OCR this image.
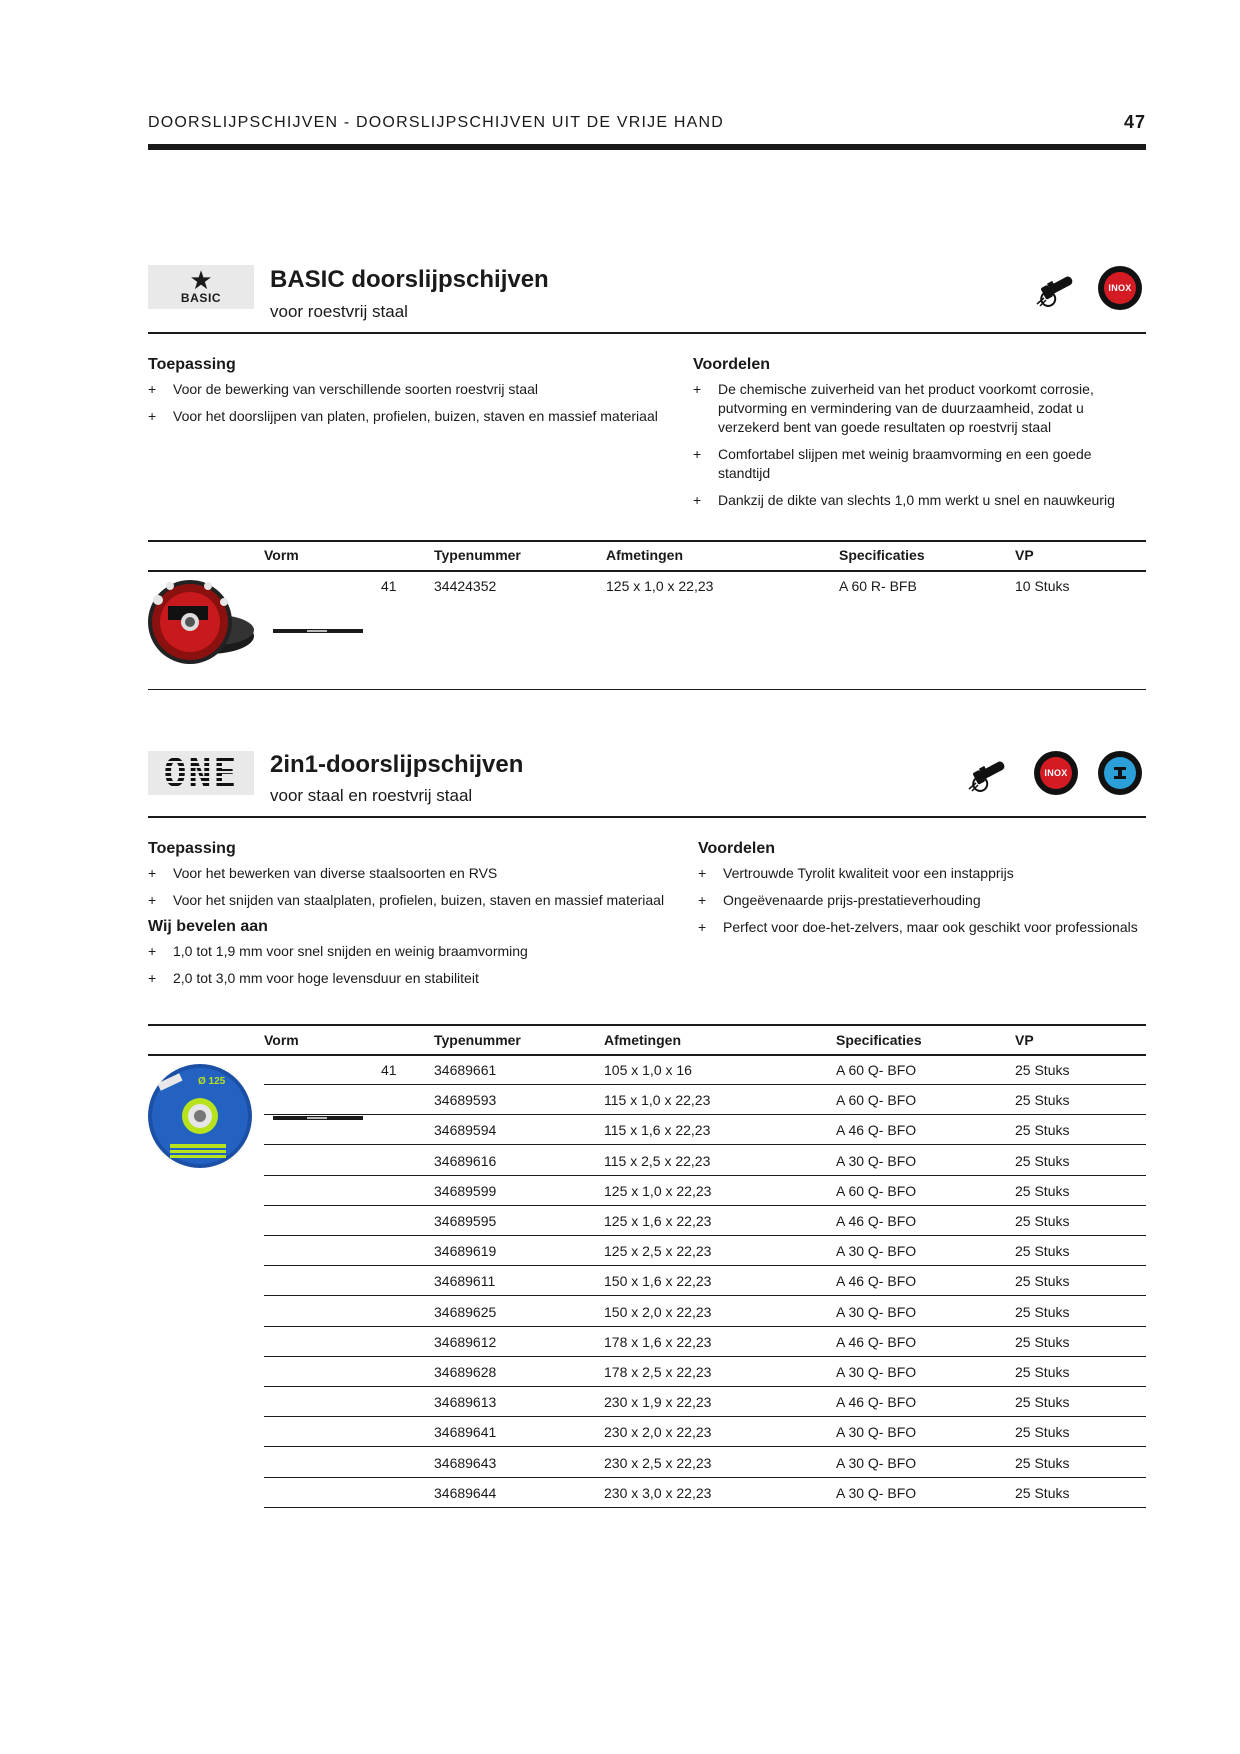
DOORSLIJPSCHIJVEN - DOORSLIJPSCHIJVEN UIT DE VRIJE HAND	47
★
BASIC
BASIC doorslijpschijven
voor roestvrij staal
INOX
Toepassing
+ Voor de bewerking van verschillende soorten roestvrij staal
+ Voor het doorslijpen van platen, profielen, buizen, staven en massief materiaal
Voordelen
+ De chemische zuiverheid van het product voorkomt corrosie, putvorming en vermindering van de duurzaamheid, zodat u verzekerd bent van goede resultaten op roestvrij staal
+ Comfortabel slijpen met weinig braamvorming en een goede standtijd
+ Dankzij de dikte van slechts 1,0 mm werkt u snel en nauwkeurig
Vorm	Typenummer	Afmetingen	Specificaties	VP
41	34424352	125 x 1,0 x 22,23	A 60 R- BFB	10 Stuks
ONE 2in1-doorslijpschijven
voor staal en roestvrij staal
INOX
Toepassing
+ Voor het bewerken van diverse staalsoorten en RVS
+ Voor het snijden van staalplaten, profielen, buizen, staven en massief materiaal
Wij bevelen aan
+ 1,0 tot 1,9 mm voor snel snijden en weinig braamvorming
+ 2,0 tot 3,0 mm voor hoge levensduur en stabiliteit
Voordelen
+ Vertrouwde Tyrolit kwaliteit voor een instapprijs
+ Ongeëvenaarde prijs-prestatieverhouding
+ Perfect voor doe-het-zelvers, maar ook geschikt voor professionals
Vorm	Typenummer	Afmetingen	Specificaties	VP
Ø 125
41	34689661	105 x 1,0 x 16	A 60 Q- BFO	25 Stuks
34689593	115 x 1,0 x 22,23	A 60 Q- BFO	25 Stuks
34689594	115 x 1,6 x 22,23	A 46 Q- BFO	25 Stuks
34689616	115 x 2,5 x 22,23	A 30 Q- BFO	25 Stuks
34689599	125 x 1,0 x 22,23	A 60 Q- BFO	25 Stuks
34689595	125 x 1,6 x 22,23	A 46 Q- BFO	25 Stuks
34689619	125 x 2,5 x 22,23	A 30 Q- BFO	25 Stuks
34689611	150 x 1,6 x 22,23	A 46 Q- BFO	25 Stuks
34689625	150 x 2,0 x 22,23	A 30 Q- BFO	25 Stuks
34689612	178 x 1,6 x 22,23	A 46 Q- BFO	25 Stuks
34689628	178 x 2,5 x 22,23	A 30 Q- BFO	25 Stuks
34689613	230 x 1,9 x 22,23	A 46 Q- BFO	25 Stuks
34689641	230 x 2,0 x 22,23	A 30 Q- BFO	25 Stuks
34689643	230 x 2,5 x 22,23	A 30 Q- BFO	25 Stuks
34689644	230 x 3,0 x 22,23	A 30 Q- BFO	25 Stuks
